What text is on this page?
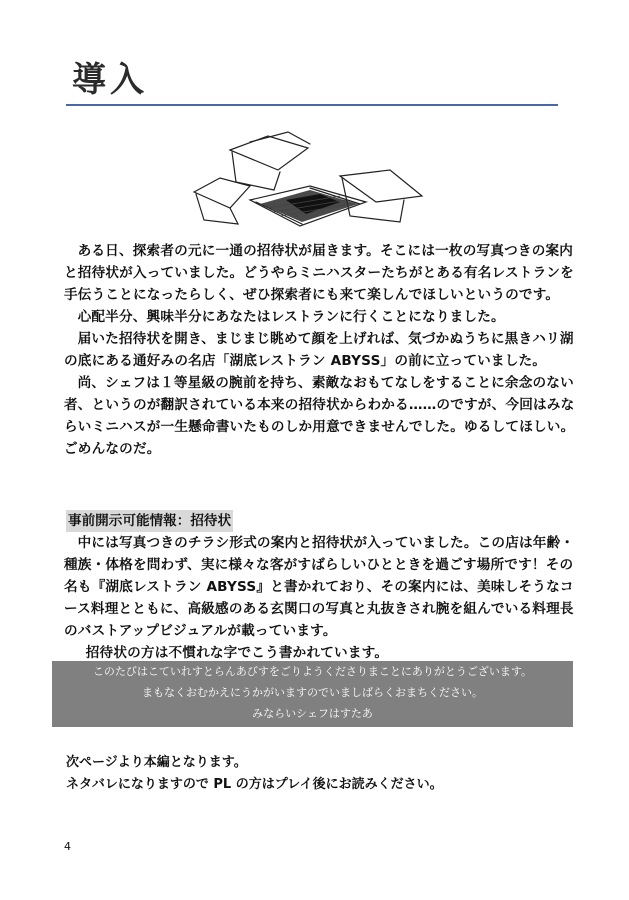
導入

ある日、探索者の元に一通の招待状が届きます。そこには一枚の写真つきの案内と招待状が入っていました。どうやらミニハスターたちがとある有名レストランを手伝うことになったらしく、ぜひ探索者にも来て楽しんでほしいというのです。

心配半分、興味半分にあなたはレストランに行くことになりました。

届いた招待状を開き、まじまじ眺めて顔を上げれば、気づかぬうちに黒きハリ湖の底にある通好みの名店「湖底レストラン ABYSS」の前に立っていました。

尚、シェフは１等星級の腕前を持ち、素敵なおもてなしをすることに余念のない者、というのが翻訳されている本来の招待状からわかる……のですが、今回はみならいミニハスが一生懸命書いたものしか用意できませんでした。ゆるしてほしい。ごめんなのだ。

事前開示可能情報：招待状

中には写真つきのチラシ形式の案内と招待状が入っていました。この店は年齢・種族・体格を問わず、実に様々な客がすばらしいひとときを過ごす場所です！その名も『湖底レストラン ABYSS』と書かれており、その案内には、美味しそうなコース料理とともに、高級感のある玄関口の写真と丸抜きされ腕を組んでいる料理長のバストアップビジュアルが載っています。

招待状の方は不慣れな字でこう書かれています。

このたびはこていれすとらんあびすをごりようくださりまことにありがとうございます。
まもなくおむかえにうかがいますのでいましばらくおまちください。
みならいシェフはすたあ
次ページより本編となります。
ネタバレになりますので PL の方はプレイ後にお読みください。
4
